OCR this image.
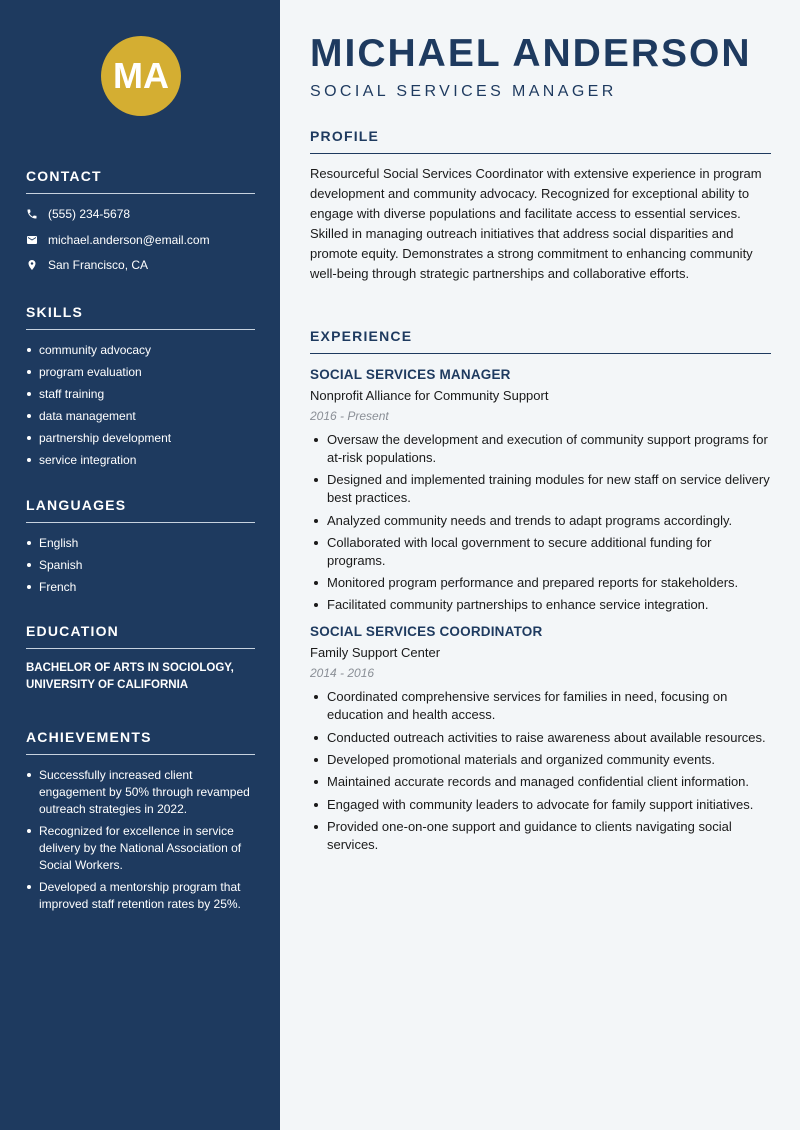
MA
CONTACT
(555) 234-5678
michael.anderson@email.com
San Francisco, CA
SKILLS
community advocacy
program evaluation
staff training
data management
partnership development
service integration
LANGUAGES
English
Spanish
French
EDUCATION
BACHELOR OF ARTS IN SOCIOLOGY,
UNIVERSITY OF CALIFORNIA
ACHIEVEMENTS
Successfully increased client engagement by 50% through revamped outreach strategies in 2022.
Recognized for excellence in service delivery by the National Association of Social Workers.
Developed a mentorship program that improved staff retention rates by 25%.
MICHAEL ANDERSON
SOCIAL SERVICES MANAGER
PROFILE
Resourceful Social Services Coordinator with extensive experience in program development and community advocacy. Recognized for exceptional ability to engage with diverse populations and facilitate access to essential services. Skilled in managing outreach initiatives that address social disparities and promote equity. Demonstrates a strong commitment to enhancing community well-being through strategic partnerships and collaborative efforts.
EXPERIENCE
SOCIAL SERVICES MANAGER
Nonprofit Alliance for Community Support
2016 - Present
Oversaw the development and execution of community support programs for at-risk populations.
Designed and implemented training modules for new staff on service delivery best practices.
Analyzed community needs and trends to adapt programs accordingly.
Collaborated with local government to secure additional funding for programs.
Monitored program performance and prepared reports for stakeholders.
Facilitated community partnerships to enhance service integration.
SOCIAL SERVICES COORDINATOR
Family Support Center
2014 - 2016
Coordinated comprehensive services for families in need, focusing on education and health access.
Conducted outreach activities to raise awareness about available resources.
Developed promotional materials and organized community events.
Maintained accurate records and managed confidential client information.
Engaged with community leaders to advocate for family support initiatives.
Provided one-on-one support and guidance to clients navigating social services.
